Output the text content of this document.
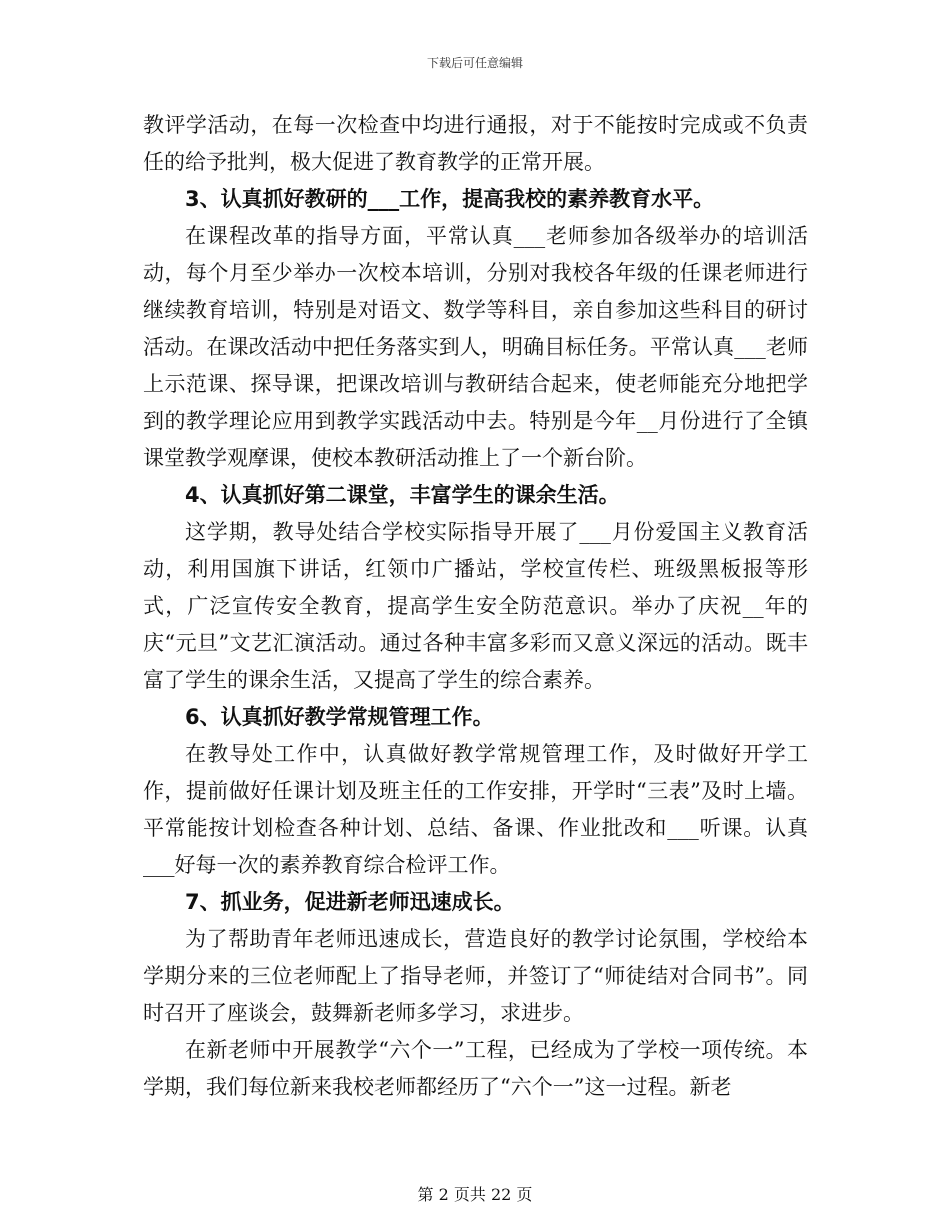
下载后可任意编辑

教评学活动，在每一次检查中均进行通报，对于不能按时完成或不负责任的给予批判，极大促进了教育教学的正常开展。

3、认真抓好教研的___工作，提高我校的素养教育水平。

在课程改革的指导方面，平常认真___老师参加各级举办的培训活动，每个月至少举办一次校本培训，分别对我校各年级的任课老师进行继续教育培训，特别是对语文、数学等科目，亲自参加这些科目的研讨活动。在课改活动中把任务落实到人，明确目标任务。平常认真___老师上示范课、探导课，把课改培训与教研结合起来，使老师能充分地把学到的教学理论应用到教学实践活动中去。特别是今年__月份进行了全镇课堂教学观摩课，使校本教研活动推上了一个新台阶。

4、认真抓好第二课堂，丰富学生的课余生活。

这学期，教导处结合学校实际指导开展了___月份爱国主义教育活动，利用国旗下讲话，红领巾广播站，学校宣传栏、班级黑板报等形式，广泛宣传安全教育，提高学生安全防范意识。举办了庆祝__年的庆“元旦”文艺汇演活动。通过各种丰富多彩而又意义深远的活动。既丰富了学生的课余生活，又提高了学生的综合素养。

6、认真抓好教学常规管理工作。

在教导处工作中，认真做好教学常规管理工作，及时做好开学工作，提前做好任课计划及班主任的工作安排，开学时“三表”及时上墙。平常能按计划检查各种计划、总结、备课、作业批改和___听课。认真___好每一次的素养教育综合检评工作。

7、抓业务，促进新老师迅速成长。

为了帮助青年老师迅速成长，营造良好的教学讨论氛围，学校给本学期分来的三位老师配上了指导老师，并签订了“师徒结对合同书”。同时召开了座谈会，鼓舞新老师多学习，求进步。

在新老师中开展教学“六个一”工程，已经成为了学校一项传统。本学期，我们每位新来我校老师都经历了“六个一”这一过程。新老

第 2 页共 22 页
